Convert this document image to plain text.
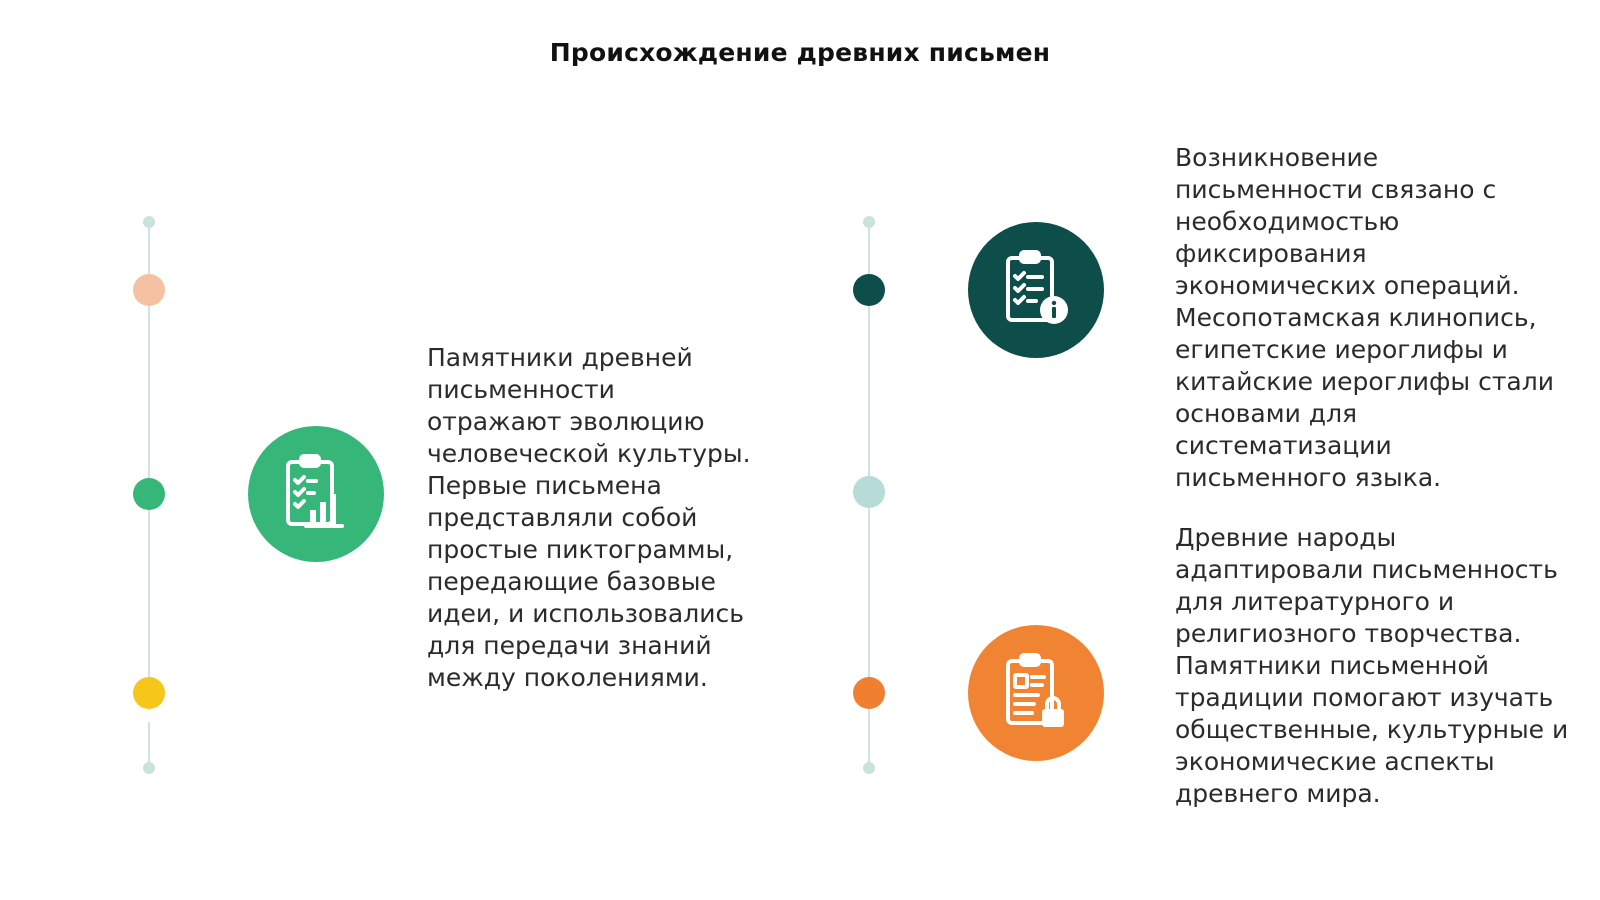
Происхождение древних письмен

Памятники древней письменности отражают эволюцию человеческой культуры. Первые письмена представляли собой простые пиктограммы, передающие базовые идеи, и использовались для передачи знаний между поколениями.

Возникновение письменности связано с необходимостью фиксирования экономических операций. Месопотамская клинопись, египетские иероглифы и китайские иероглифы стали основами для систематизации письменного языка.

Древние народы адаптировали письменность для литературного и религиозного творчества. Памятники письменной традиции помогают изучать общественные, культурные и экономические аспекты древнего мира.
